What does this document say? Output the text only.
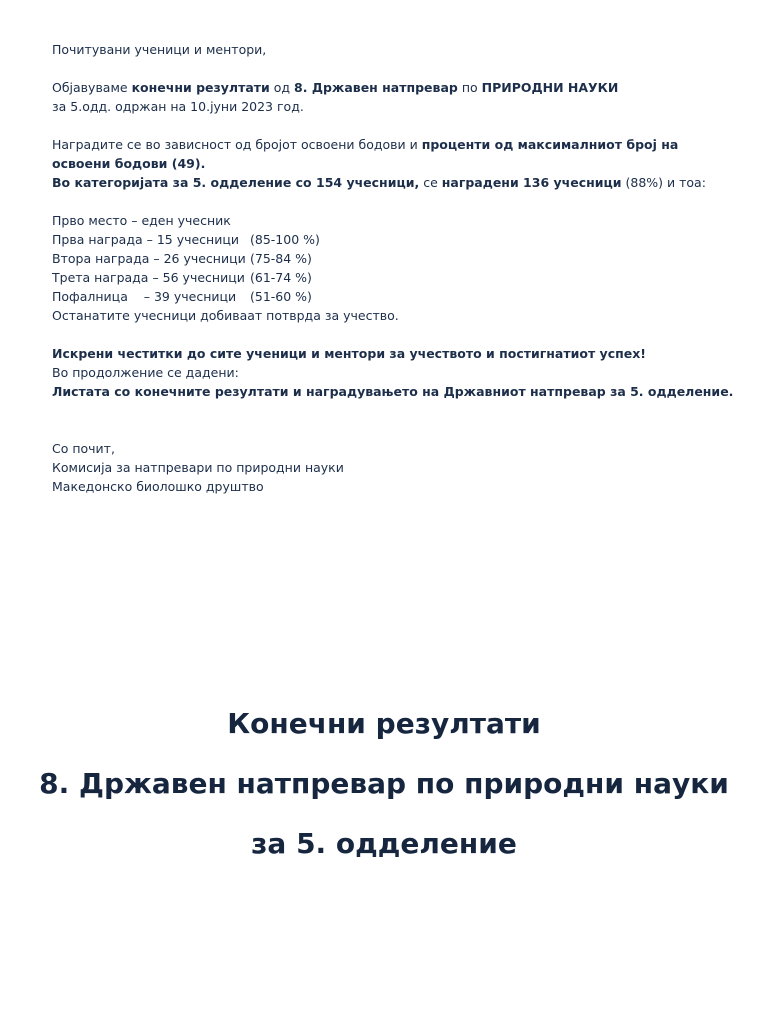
Почитувани ученици и ментори,
Објавуваме конечни резултати од 8. Државен натпревар по ПРИРОДНИ НАУКИ
за 5.одд. одржан на 10.јуни 2023 год.
Наградите се во зависност од бројот освоени бодови и проценти од максималниот број на
освоени бодови (49).
Во категоријата за 5. одделение со 154 учесници, се наградени 136 учесници (88%) и тоа:
Прво место – еден учесник
Прва награда – 15 учесници (85-100 %)
Втора награда – 26 учесници (75-84 %)
Трета награда – 56 учесници (61-74 %)
Пофалница    – 39 учесници (51-60 %)
Останатите учесници добиваат потврда за учество.
Искрени честитки до сите ученици и ментори за учеството и постигнатиот успех!
Во продолжение се дадени:
Листата со конечните резултати и наградувањето на Државниот натпревар за 5. одделение.
Со почит,
Комисија за натпревари по природни науки
Македонско биолошко друштво
Конечни резултати
8. Државен натпревар по природни науки
за 5. одделение
